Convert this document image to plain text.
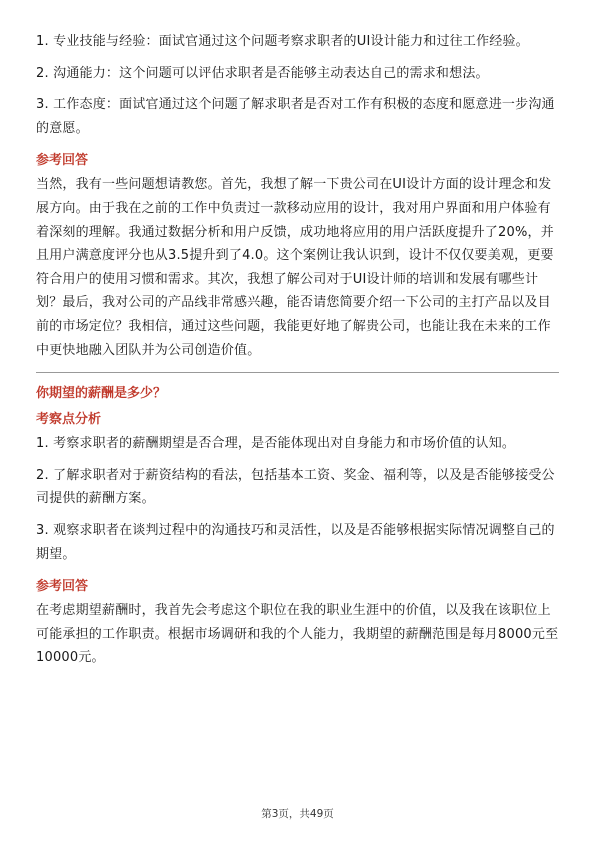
1. 专业技能与经验：面试官通过这个问题考察求职者的UI设计能力和过往工作经验。

2. 沟通能力：这个问题可以评估求职者是否能够主动表达自己的需求和想法。

3. 工作态度：面试官通过这个问题了解求职者是否对工作有积极的态度和愿意进一步沟通的意愿。

参考回答

当然，我有一些问题想请教您。首先，我想了解一下贵公司在UI设计方面的设计理念和发展方向。由于我在之前的工作中负责过一款移动应用的设计，我对用户界面和用户体验有着深刻的理解。我通过数据分析和用户反馈，成功地将应用的用户活跃度提升了20%，并且用户满意度评分也从3.5提升到了4.0。这个案例让我认识到，设计不仅仅要美观，更要符合用户的使用习惯和需求。其次，我想了解公司对于UI设计师的培训和发展有哪些计划？最后，我对公司的产品线非常感兴趣，能否请您简要介绍一下公司的主打产品以及目前的市场定位？我相信，通过这些问题，我能更好地了解贵公司，也能让我在未来的工作中更快地融入团队并为公司创造价值。

你期望的薪酬是多少？
考察点分析

1. 考察求职者的薪酬期望是否合理，是否能体现出对自身能力和市场价值的认知。

2. 了解求职者对于薪资结构的看法，包括基本工资、奖金、福利等，以及是否能够接受公司提供的薪酬方案。

3. 观察求职者在谈判过程中的沟通技巧和灵活性，以及是否能够根据实际情况调整自己的期望。

参考回答

在考虑期望薪酬时，我首先会考虑这个职位在我的职业生涯中的价值，以及我在该职位上可能承担的工作职责。根据市场调研和我的个人能力，我期望的薪酬范围是每月8000元至10000元。

第3页，共49页
